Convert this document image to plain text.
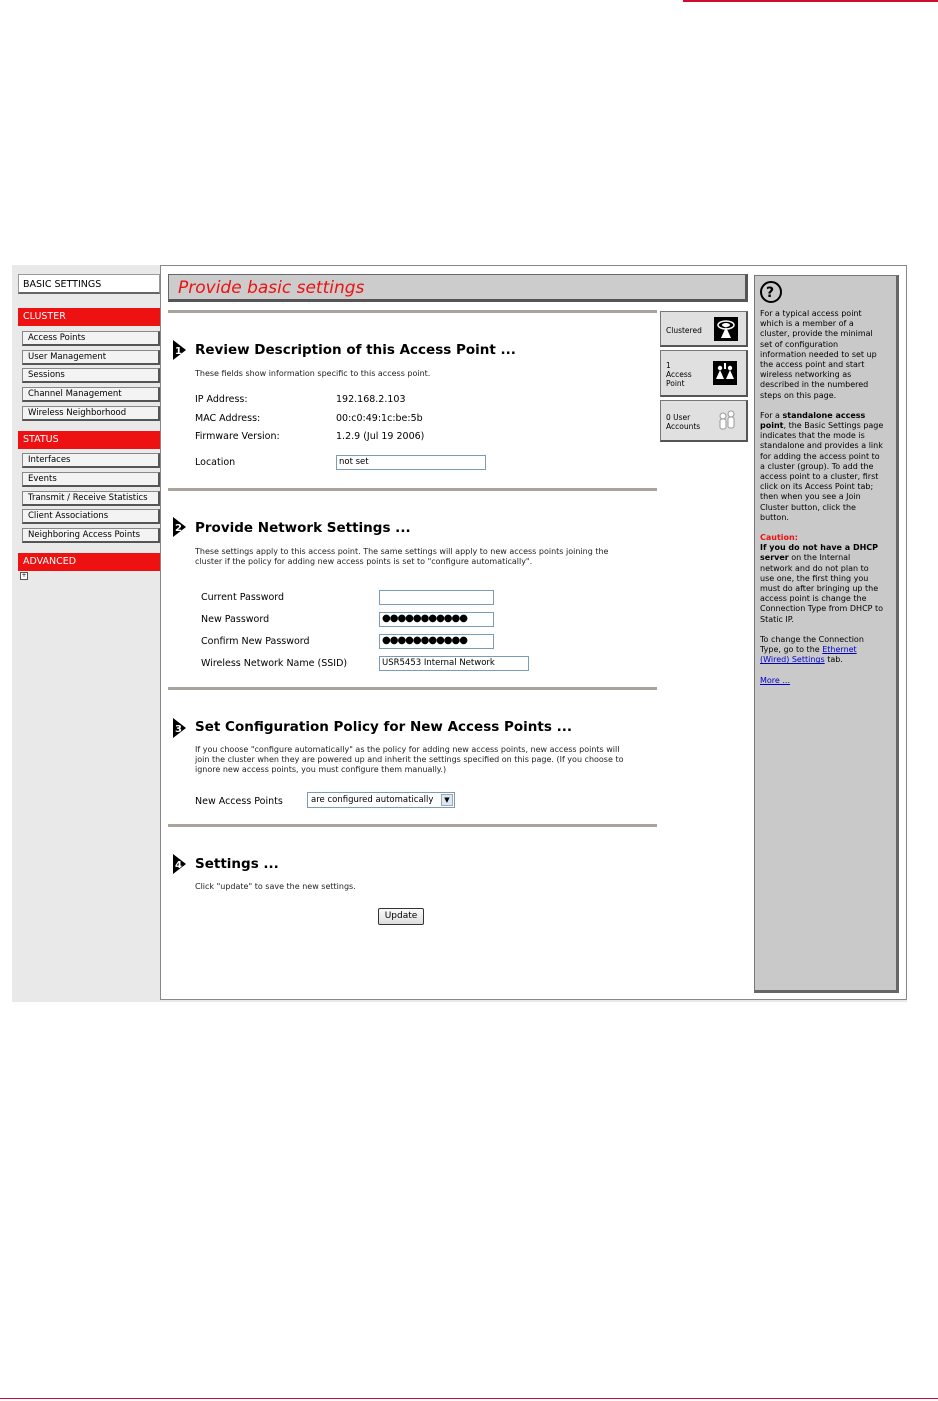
BASIC SETTINGS
CLUSTER
Access Points
User Management
Sessions
Channel Management
Wireless Neighborhood
STATUS
Interfaces
Events
Transmit / Receive Statistics
Client Associations
Neighboring Access Points
ADVANCED
+
Provide basic settings
1 Review Description of this Access Point ...
These fields show information specific to this access point.
IP Address:	192.168.2.103
MAC Address:	00:c0:49:1c:be:5b
Firmware Version:	1.2.9 (Jul 19 2006)
Location	not set
2 Provide Network Settings ...
These settings apply to this access point. The same settings will apply to new access points joining the cluster if the policy for adding new access points is set to "configure automatically".
Current Password
New Password	●●●●●●●●●●●
Confirm New Password	●●●●●●●●●●●
Wireless Network Name (SSID)	USR5453 Internal Network
3 Set Configuration Policy for New Access Points ...
If you choose "configure automatically" as the policy for adding new access points, new access points will join the cluster when they are powered up and inherit the settings specified on this page. (If you choose to ignore new access points, you must configure them manually.)
New Access Points	are configured automatically	▼
4 Settings ...
Click "update" to save the new settings.
Update
Clustered
1
Access
Point
0 User
Accounts
?

For a typical access point which is a member of a cluster, provide the minimal set of configuration information needed to set up the access point and start wireless networking as described in the numbered steps on this page.

For a standalone access point, the Basic Settings page indicates that the mode is standalone and provides a link for adding the access point to a cluster (group). To add the access point to a cluster, first click on its Access Point tab; then when you see a Join Cluster button, click the button.

Caution:
If you do not have a DHCP server on the Internal network and do not plan to use one, the first thing you must do after bringing up the access point is change the Connection Type from DHCP to Static IP.

To change the Connection Type, go to the Ethernet (Wired) Settings tab.

More ...
